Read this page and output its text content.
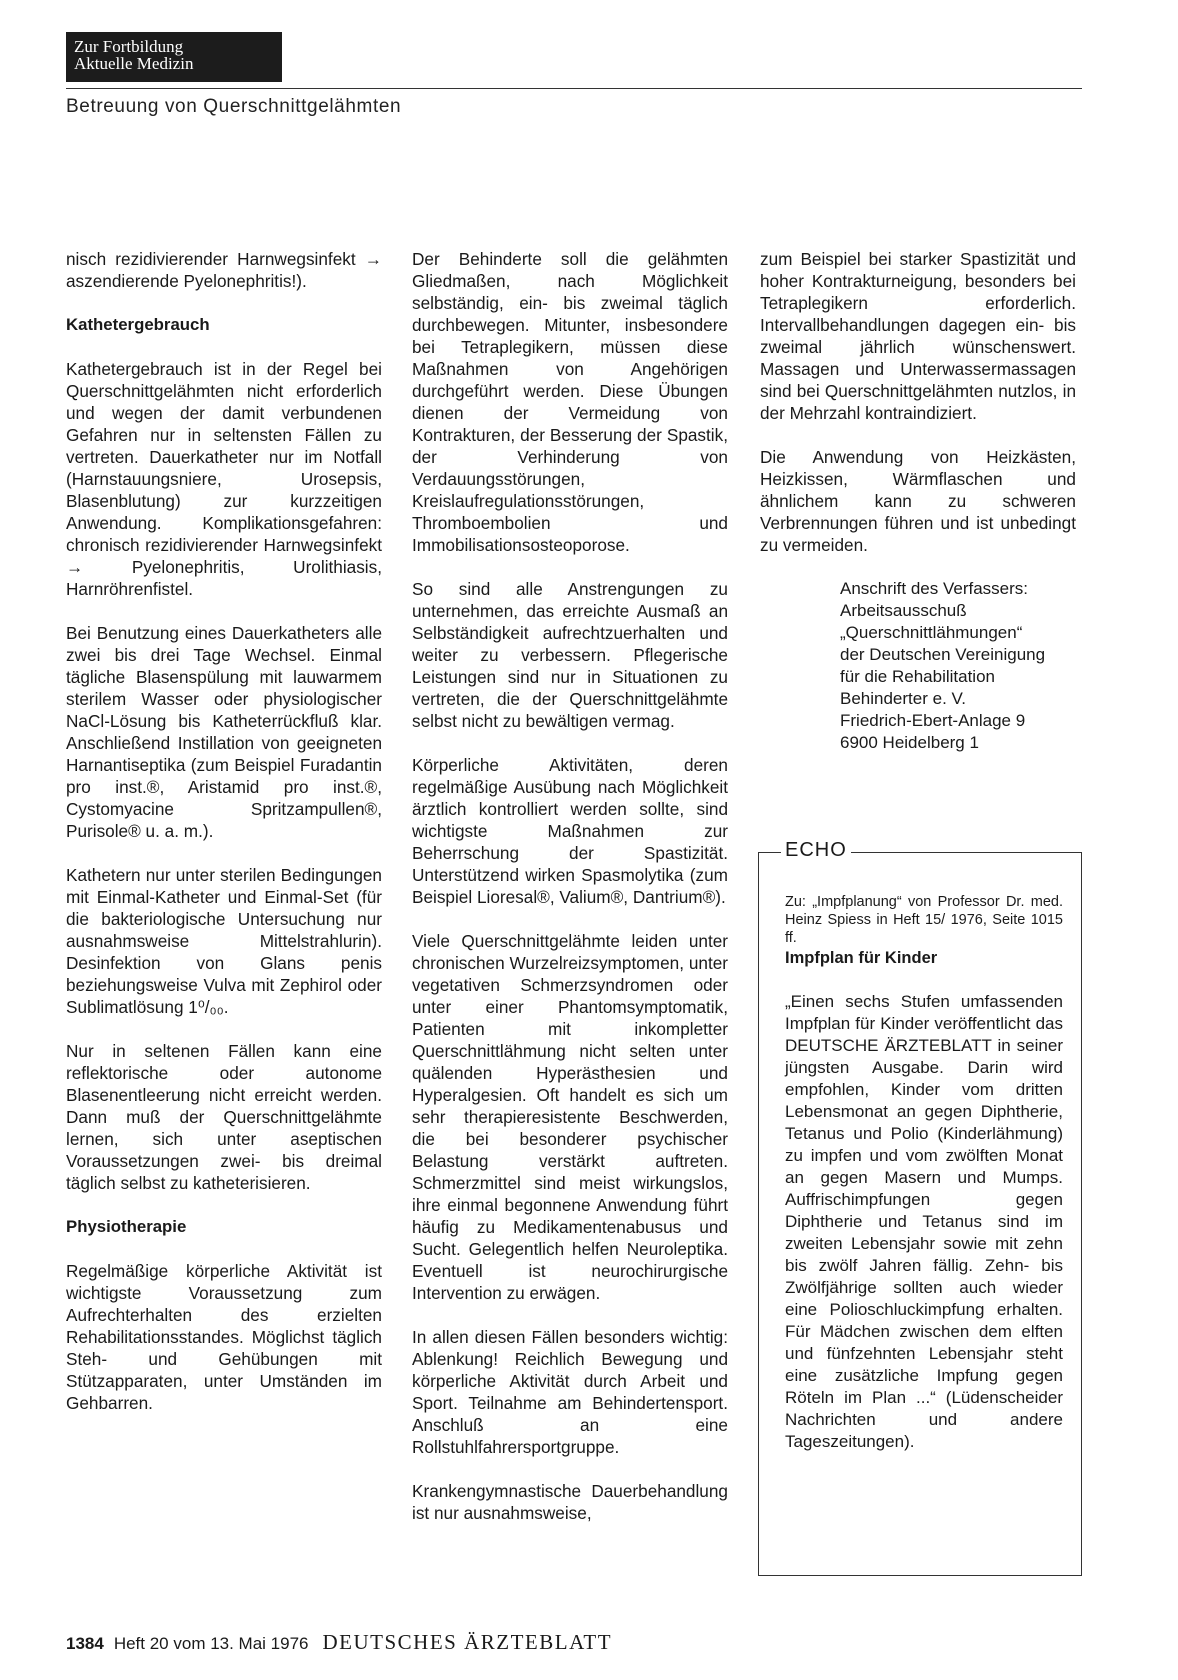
Zur Fortbildung
Aktuelle Medizin
Betreuung von Querschnittgelähmten

nisch rezidivierender Harnwegsinfekt → aszendierende Pyelonephritis!).

Kathetergebrauch

Kathetergebrauch ist in der Regel bei Querschnittgelähmten nicht erforderlich und wegen der damit verbundenen Gefahren nur in seltensten Fällen zu vertreten. Dauerkatheter nur im Notfall (Harnstauungsniere, Urosepsis, Blasenblutung) zur kurzzeitigen Anwendung. Komplikationsgefahren: chronisch rezidivierender Harnwegsinfekt → Pyelonephritis, Urolithiasis, Harnröhrenfistel.

Bei Benutzung eines Dauerkatheters alle zwei bis drei Tage Wechsel. Einmal tägliche Blasenspülung mit lauwarmem sterilem Wasser oder physiologischer NaCl-Lösung bis Katheterrückfluß klar. Anschließend Instillation von geeigneten Harnantiseptika (zum Beispiel Furadantin pro inst.®, Aristamid pro inst.®, Cystomyacine Spritzampullen®, Purisole® u. a. m.).

Kathetern nur unter sterilen Bedingungen mit Einmal-Katheter und Einmal-Set (für die bakteriologische Untersuchung nur ausnahmsweise Mittelstrahlurin). Desinfektion von Glans penis beziehungsweise Vulva mit Zephirol oder Sublimatlösung 1⁰/₀₀.

Nur in seltenen Fällen kann eine reflektorische oder autonome Blasenentleerung nicht erreicht werden. Dann muß der Querschnittgelähmte lernen, sich unter aseptischen Voraussetzungen zwei- bis dreimal täglich selbst zu katheterisieren.

Physiotherapie

Regelmäßige körperliche Aktivität ist wichtigste Voraussetzung zum Aufrechterhalten des erzielten Rehabilitationsstandes. Möglichst täglich Steh- und Gehübungen mit Stützapparaten, unter Umständen im Gehbarren.

Der Behinderte soll die gelähmten Gliedmaßen, nach Möglichkeit selbständig, ein- bis zweimal täglich durchbewegen. Mitunter, insbesondere bei Tetraplegikern, müssen diese Maßnahmen von Angehörigen durchgeführt werden. Diese Übungen dienen der Vermeidung von Kontrakturen, der Besserung der Spastik, der Verhinderung von Verdauungsstörungen, Kreislaufregulationsstörungen, Thromboembolien und Immobilisationsosteoporose.

So sind alle Anstrengungen zu unternehmen, das erreichte Ausmaß an Selbständigkeit aufrechtzuerhalten und weiter zu verbessern. Pflegerische Leistungen sind nur in Situationen zu vertreten, die der Querschnittgelähmte selbst nicht zu bewältigen vermag.

Körperliche Aktivitäten, deren regelmäßige Ausübung nach Möglichkeit ärztlich kontrolliert werden sollte, sind wichtigste Maßnahmen zur Beherrschung der Spastizität. Unterstützend wirken Spasmolytika (zum Beispiel Lioresal®, Valium®, Dantrium®).

Viele Querschnittgelähmte leiden unter chronischen Wurzelreizsymptomen, unter vegetativen Schmerzsyndromen oder unter einer Phantomsymptomatik, Patienten mit inkompletter Querschnittlähmung nicht selten unter quälenden Hyperästhesien und Hyperalgesien. Oft handelt es sich um sehr therapieresistente Beschwerden, die bei besonderer psychischer Belastung verstärkt auftreten. Schmerzmittel sind meist wirkungslos, ihre einmal begonnene Anwendung führt häufig zu Medikamentenabusus und Sucht. Gelegentlich helfen Neuroleptika. Eventuell ist neurochirurgische Intervention zu erwägen.

In allen diesen Fällen besonders wichtig: Ablenkung! Reichlich Bewegung und körperliche Aktivität durch Arbeit und Sport. Teilnahme am Behindertensport. Anschluß an eine Rollstuhlfahrersportgruppe.

Krankengymnastische Dauerbehandlung ist nur ausnahmsweise,

zum Beispiel bei starker Spastizität und hoher Kontrakturneigung, besonders bei Tetraplegikern erforderlich. Intervallbehandlungen dagegen ein- bis zweimal jährlich wünschenswert. Massagen und Unterwassermassagen sind bei Querschnittgelähmten nutzlos, in der Mehrzahl kontraindiziert.

Die Anwendung von Heizkästen, Heizkissen, Wärmflaschen und ähnlichem kann zu schweren Verbrennungen führen und ist unbedingt zu vermeiden.

Anschrift des Verfassers:
Arbeitsausschuß
„Querschnittlähmungen“
der Deutschen Vereinigung
für die Rehabilitation
Behinderter e. V.
Friedrich-Ebert-Anlage 9
6900 Heidelberg 1
ECHO

Zu: „Impfplanung“ von Professor Dr. med. Heinz Spiess in Heft 15/ 1976, Seite 1015 ff.

Impfplan für Kinder

„Einen sechs Stufen umfassenden Impfplan für Kinder veröffentlicht das DEUTSCHE ÄRZTEBLATT in seiner jüngsten Ausgabe. Darin wird empfohlen, Kinder vom dritten Lebensmonat an gegen Diphtherie, Tetanus und Polio (Kinderlähmung) zu impfen und vom zwölften Monat an gegen Masern und Mumps. Auffrischimpfungen gegen Diphtherie und Tetanus sind im zweiten Lebensjahr sowie mit zehn bis zwölf Jahren fällig. Zehn- bis Zwölfjährige sollten auch wieder eine Polioschluckimpfung erhalten. Für Mädchen zwischen dem elften und fünfzehnten Lebensjahr steht eine zusätzliche Impfung gegen Röteln im Plan ...“ (Lüdenscheider Nachrichten und andere Tageszeitungen).

1384 Heft 20 vom 13. Mai 1976 DEUTSCHES ÄRZTEBLATT
